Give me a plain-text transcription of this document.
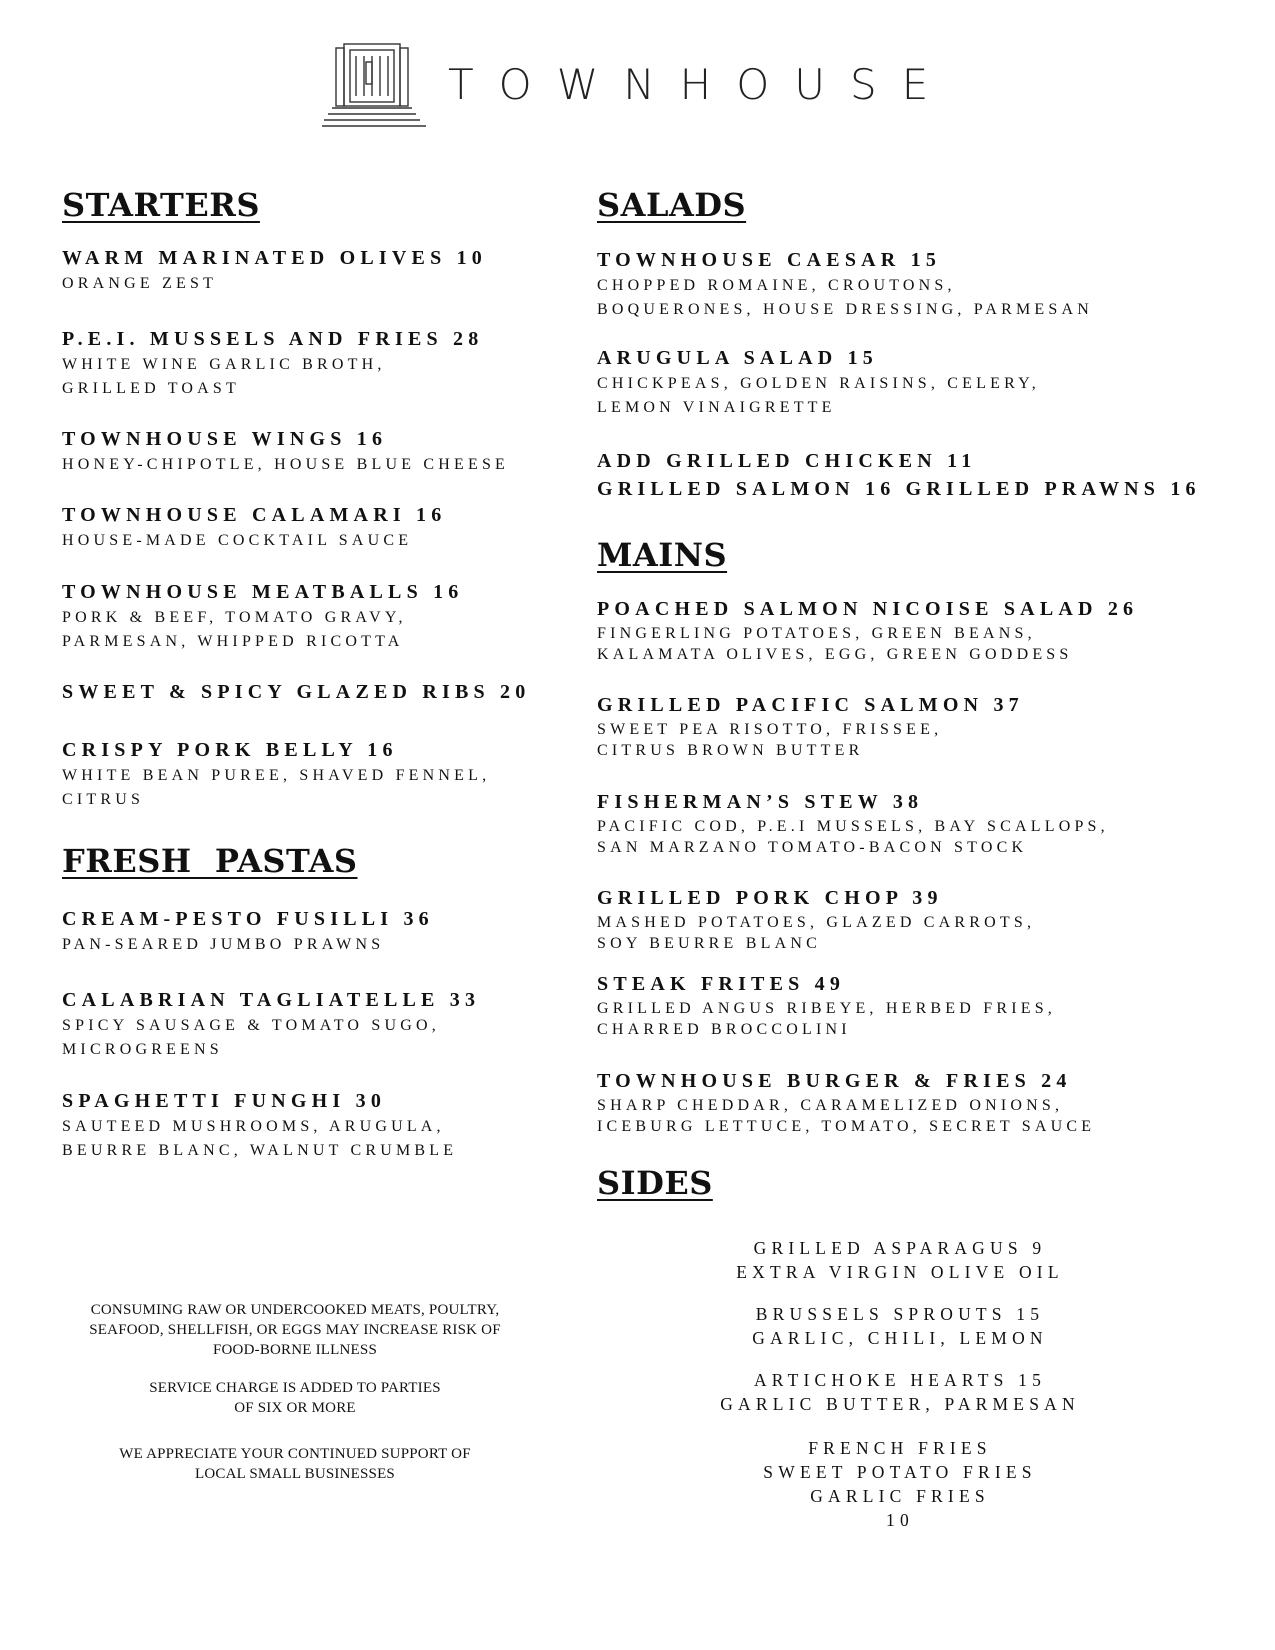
TOWNHOUSE
STARTERS
WARM MARINATED OLIVES 10
ORANGE ZEST
P.E.I. MUSSELS AND FRIES 28
WHITE WINE GARLIC BROTH,
GRILLED TOAST
TOWNHOUSE WINGS 16
HONEY-CHIPOTLE, HOUSE BLUE CHEESE
TOWNHOUSE CALAMARI 16
HOUSE-MADE COCKTAIL SAUCE
TOWNHOUSE MEATBALLS 16
PORK & BEEF, TOMATO GRAVY,
PARMESAN, WHIPPED RICOTTA
SWEET & SPICY GLAZED RIBS 20
CRISPY PORK BELLY 16
WHITE BEAN PUREE, SHAVED FENNEL,
CITRUS
FRESH  PASTAS
CREAM-PESTO FUSILLI 36
PAN-SEARED JUMBO PRAWNS
CALABRIAN TAGLIATELLE 33
SPICY SAUSAGE & TOMATO SUGO,
MICROGREENS
SPAGHETTI FUNGHI 30
SAUTEED MUSHROOMS, ARUGULA,
BEURRE BLANC, WALNUT CRUMBLE

CONSUMING RAW OR UNDERCOOKED MEATS, POULTRY,
SEAFOOD, SHELLFISH, OR EGGS MAY INCREASE RISK OF
FOOD-BORNE ILLNESS

SERVICE CHARGE IS ADDED TO PARTIES
OF SIX OR MORE

WE APPRECIATE YOUR CONTINUED SUPPORT OF
LOCAL SMALL BUSINESSES

SALADS
TOWNHOUSE CAESAR 15
CHOPPED ROMAINE, CROUTONS,
BOQUERONES, HOUSE DRESSING, PARMESAN
ARUGULA SALAD 15
CHICKPEAS, GOLDEN RAISINS, CELERY,
LEMON VINAIGRETTE
ADD GRILLED CHICKEN 11
GRILLED SALMON 16 GRILLED PRAWNS 16
MAINS
POACHED SALMON NICOISE SALAD 26
FINGERLING POTATOES, GREEN BEANS,
KALAMATA OLIVES, EGG, GREEN GODDESS
GRILLED PACIFIC SALMON 37
SWEET PEA RISOTTO, FRISSEE,
CITRUS BROWN BUTTER
FISHERMAN’S STEW 38
PACIFIC COD, P.E.I MUSSELS, BAY SCALLOPS,
SAN MARZANO TOMATO-BACON STOCK
GRILLED PORK CHOP 39
MASHED POTATOES, GLAZED CARROTS,
SOY BEURRE BLANC
STEAK FRITES 49
GRILLED ANGUS RIBEYE, HERBED FRIES,
CHARRED BROCCOLINI
TOWNHOUSE BURGER & FRIES 24
SHARP CHEDDAR, CARAMELIZED ONIONS,
ICEBURG LETTUCE, TOMATO, SECRET SAUCE
SIDES
GRILLED ASPARAGUS 9
EXTRA VIRGIN OLIVE OIL
BRUSSELS SPROUTS 15
GARLIC, CHILI, LEMON
ARTICHOKE HEARTS 15
GARLIC BUTTER, PARMESAN
FRENCH FRIES
SWEET POTATO FRIES
GARLIC FRIES
10
